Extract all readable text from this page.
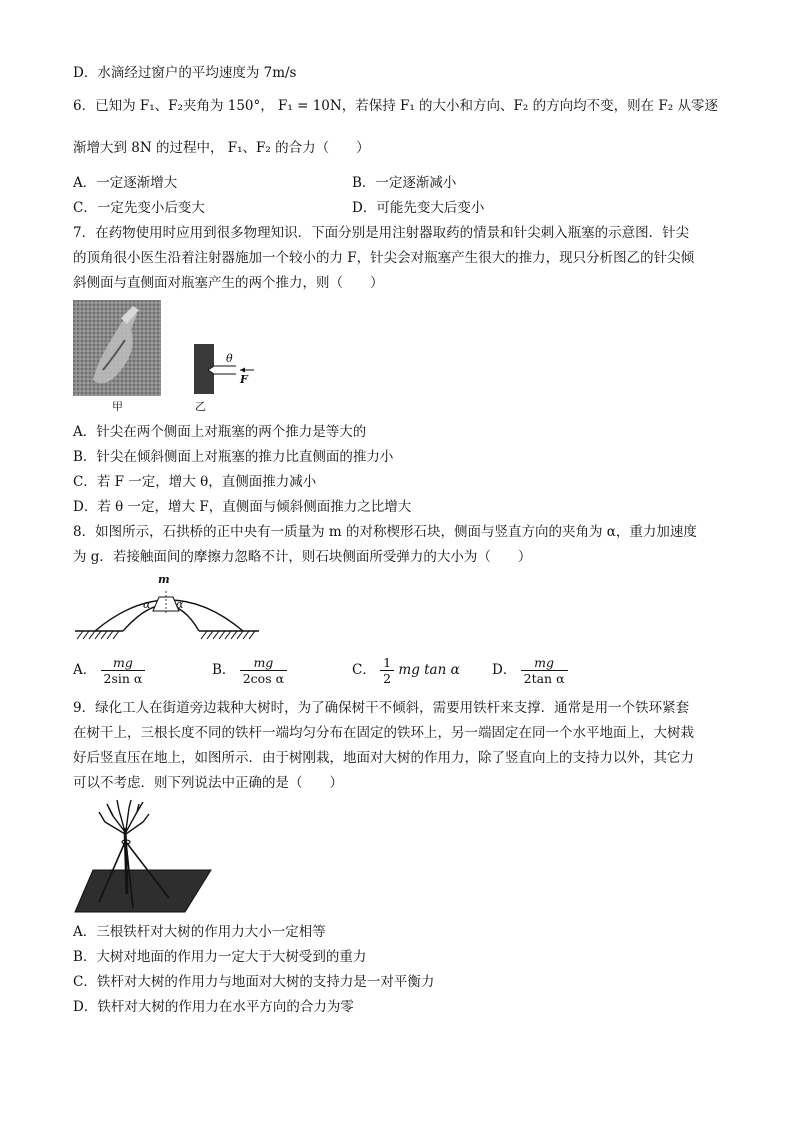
D．水滴经过窗户的平均速度为 7m/s
6．已知为 F₁、F₂夹角为 150°， F₁ = 10N，若保持 F₁ 的大小和方向、F₂ 的方向均不变，则在 F₂ 从零逐
渐增大到 8N 的过程中， F₁、F₂ 的合力（　　）
A．一定逐渐增大	B．一定逐渐减小
C．一定先变小后变大	D．可能先变大后变小
7．在药物使用时应用到很多物理知识．下面分别是用注射器取药的情景和针尖刺入瓶塞的示意图．针尖
的顶角很小医生沿着注射器施加一个较小的力 F，针尖会对瓶塞产生很大的推力，现只分析图乙的针尖倾
斜侧面与直侧面对瓶塞产生的两个推力，则（　　）
甲
θ
F
乙
A．针尖在两个侧面上对瓶塞的两个推力是等大的
B．针尖在倾斜侧面上对瓶塞的推力比直侧面的推力小
C．若 F 一定，增大 θ，直侧面推力减小
D．若 θ 一定，增大 F，直侧面与倾斜侧面推力之比增大
8．如图所示，石拱桥的正中央有一质量为 m 的对称楔形石块，侧面与竖直方向的夹角为 α，重力加速度
为 g．若接触面间的摩擦力忽略不计，则石块侧面所受弹力的大小为（　　）
m
α α
A． $\frac{mg}{\text{2sin α}}$	B． $\frac{mg}{\text{2cos α}}$	C． $\frac{1}{2}$ mg tan α D． $\frac{mg}{\text{2tan α}}$
9．绿化工人在街道旁边栽种大树时，为了确保树干不倾斜，需要用铁杆来支撑．通常是用一个铁环紧套
在树干上，三根长度不同的铁杆一端均匀分布在固定的铁环上，另一端固定在同一个水平地面上，大树栽
好后竖直压在地上，如图所示．由于树刚栽，地面对大树的作用力，除了竖直向上的支持力以外，其它力
可以不考虑．则下列说法中正确的是（　　）
A．三根铁杆对大树的作用力大小一定相等
B．大树对地面的作用力一定大于大树受到的重力
C．铁杆对大树的作用力与地面对大树的支持力是一对平衡力
D．铁杆对大树的作用力在水平方向的合力为零
